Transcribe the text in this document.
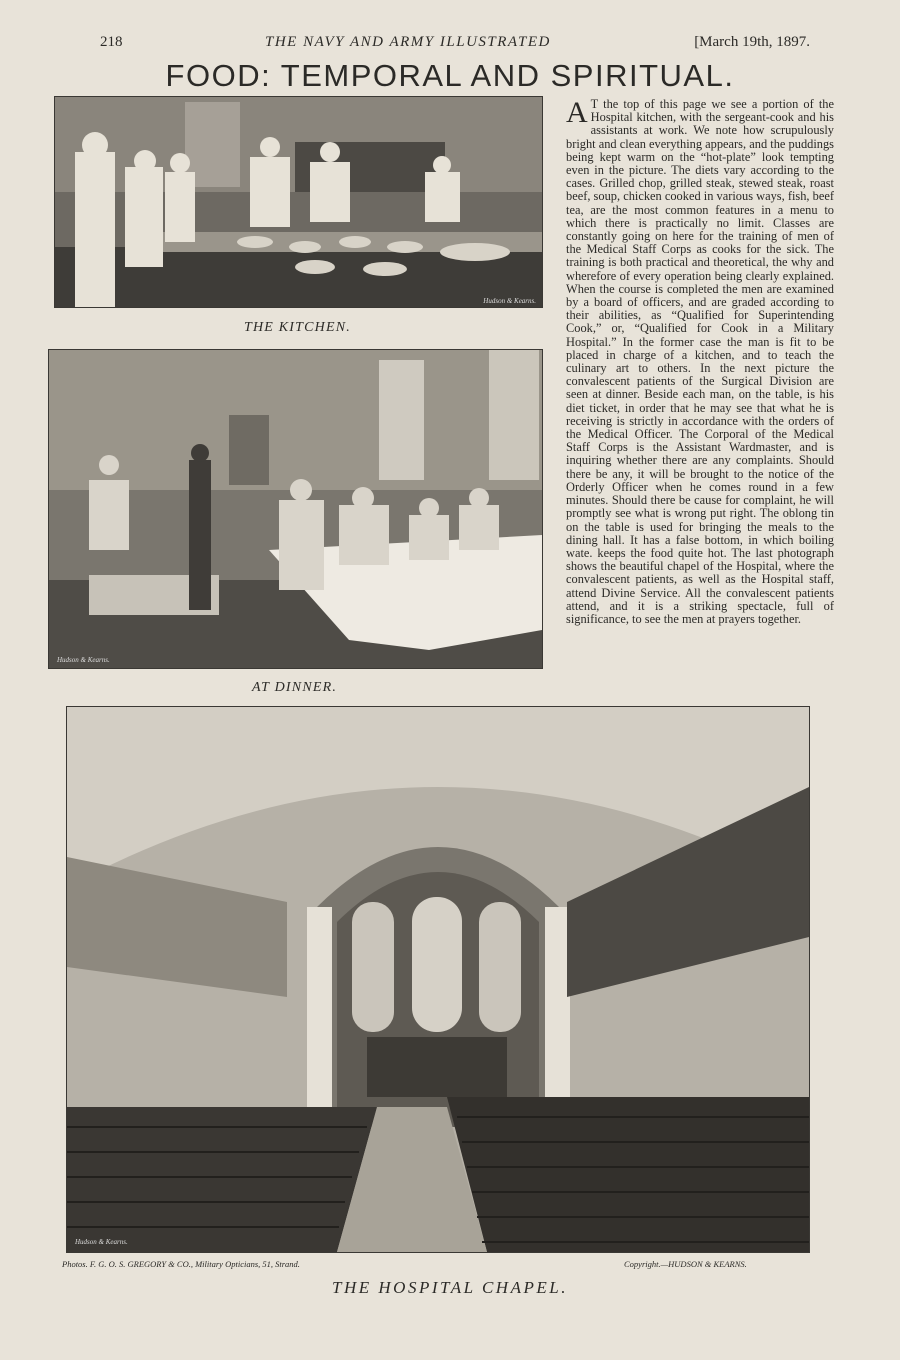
218	THE NAVY AND ARMY ILLUSTRATED	[March 19th, 1897.
FOOD: TEMPORAL AND SPIRITUAL.
Hudson & Kearns.
THE KITCHEN.
Hudson & Kearns.
AT DINNER.
A T the top of this page we see a portion of the Hospital kitchen, with the sergeant-cook and his assistants at work. We note how scrupulously bright and clean everything appears, and the puddings being kept warm on the “hot-plate” look tempting even in the picture. The diets vary according to the cases. Grilled chop, grilled steak, stewed steak, roast beef, soup, chicken cooked in various ways, fish, beef tea, are the most common features in a menu to which there is practically no limit. Classes are constantly going on here for the training of men of the Medical Staff Corps as cooks for the sick. The training is both practical and theoretical, the why and wherefore of every operation being clearly explained. When the course is completed the men are examined by a board of officers, and are graded according to their abilities, as “Qualified for Superintending Cook,” or, “Qualified for Cook in a Military Hospital.” In the former case the man is fit to be placed in charge of a kitchen, and to teach the culinary art to others. In the next picture the convalescent patients of the Surgical Division are seen at dinner. Beside each man, on the table, is his diet ticket, in order that he may see that what he is receiving is strictly in accordance with the orders of the Medical Officer. The Corporal of the Medical Staff Corps is the Assistant Wardmaster, and is inquiring whether there are any complaints. Should there be any, it will be brought to the notice of the Orderly Officer when he comes round in a few minutes. Should there be cause for complaint, he will promptly see what is wrong put right. The oblong tin on the table is used for bringing the meals to the dining hall. It has a false bottom, in which boiling wate. keeps the food quite hot. The last photograph shows the beautiful chapel of the Hospital, where the convalescent patients, as well as the Hospital staff, attend Divine Service. All the convalescent patients attend, and it is a striking spectacle, full of significance, to see the men at prayers together.
Hudson & Kearns.
Photos. F. G. O. S. GREGORY & CO., Military Opticians, 51, Strand.	Copyright.—HUDSON & KEARNS.
THE HOSPITAL CHAPEL.
